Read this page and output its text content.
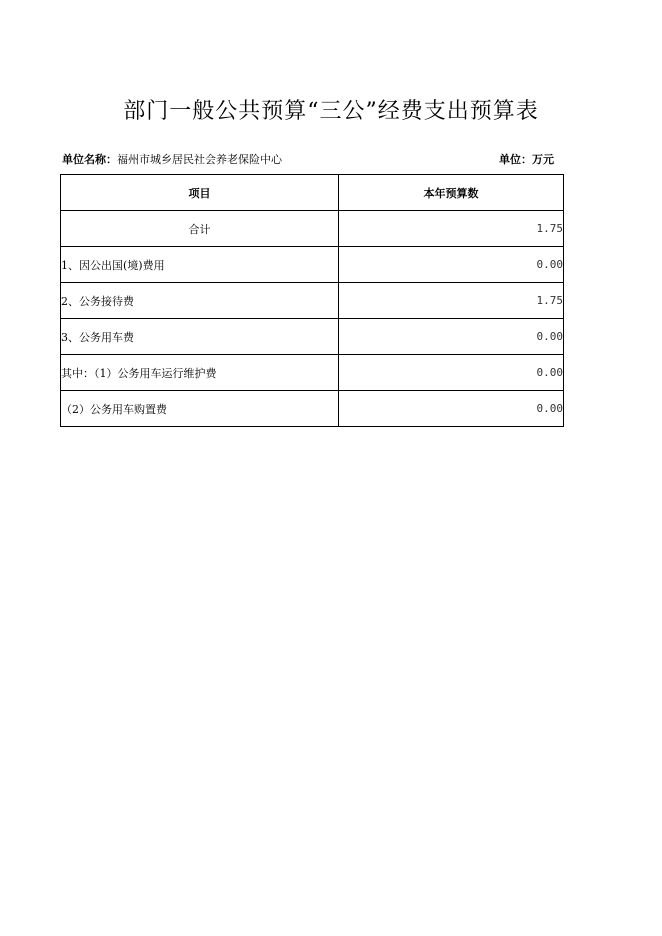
部门一般公共预算“三公”经费支出预算表
单位名称：福州市城乡居民社会养老保险中心	单位：万元
项目	本年预算数
合计	1.75
1、因公出国(境)费用	0.00
2、公务接待费	1.75
3、公务用车费	0.00
其中：（1）公务用车运行维护费	0.00
（2）公务用车购置费	0.00
